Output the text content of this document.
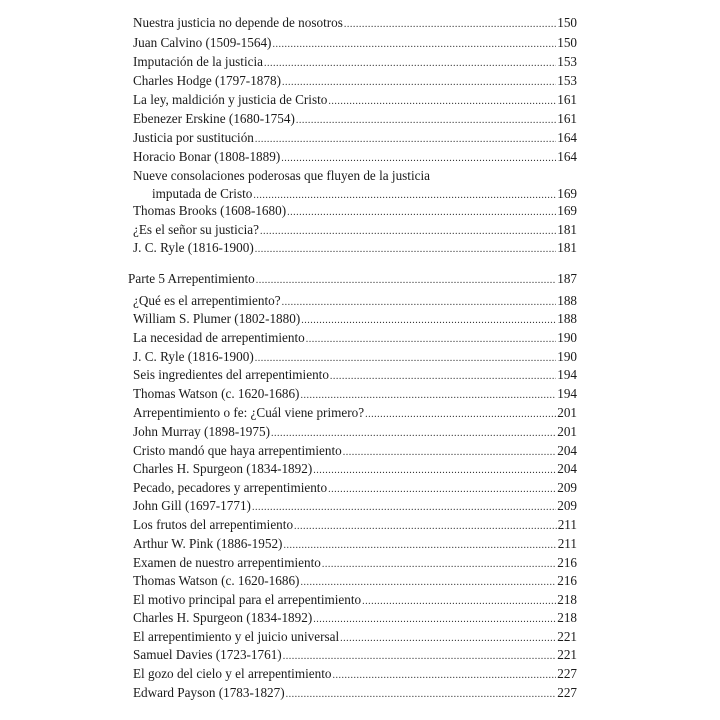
Nuestra justicia no depende de nosotros .....	150
Juan Calvino (1509-1564) .....	150
Imputación de la justicia .....	153
Charles Hodge (1797-1878) .....	153
La ley, maldición y justicia de Cristo .....	161
Ebenezer Erskine (1680-1754) .....	161
Justicia por sustitución .....	164
Horacio Bonar (1808-1889) .....	164
Nueve consolaciones poderosas que fluyen de la justicia
imputada de Cristo .....	169
Thomas Brooks (1608-1680) .....	169
¿Es el señor su justicia? .....	181
J. C. Ryle (1816-1900) .....	181
Parte 5 Arrepentimiento .....	187
¿Qué es el arrepentimiento? .....	188
William S. Plumer (1802-1880) .....	188
La necesidad de arrepentimiento .....	190
J. C. Ryle (1816-1900) .....	190
Seis ingredientes del arrepentimiento .....	194
Thomas Watson (c. 1620-1686) .....	194
Arrepentimiento o fe: ¿Cuál viene primero? .....	201
John Murray (1898-1975) .....	201
Cristo mandó que haya arrepentimiento .....	204
Charles H. Spurgeon (1834-1892) .....	204
Pecado, pecadores y arrepentimiento .....	209
John Gill (1697-1771) .....	209
Los frutos del arrepentimiento .....	211
Arthur W. Pink (1886-1952) .....	211
Examen de nuestro arrepentimiento .....	216
Thomas Watson (c. 1620-1686) .....	216
El motivo principal para el arrepentimiento .....	218
Charles H. Spurgeon (1834-1892) .....	218
El arrepentimiento y el juicio universal .....	221
Samuel Davies (1723-1761) .....	221
El gozo del cielo y el arrepentimiento .....	227
Edward Payson (1783-1827) .....	227
